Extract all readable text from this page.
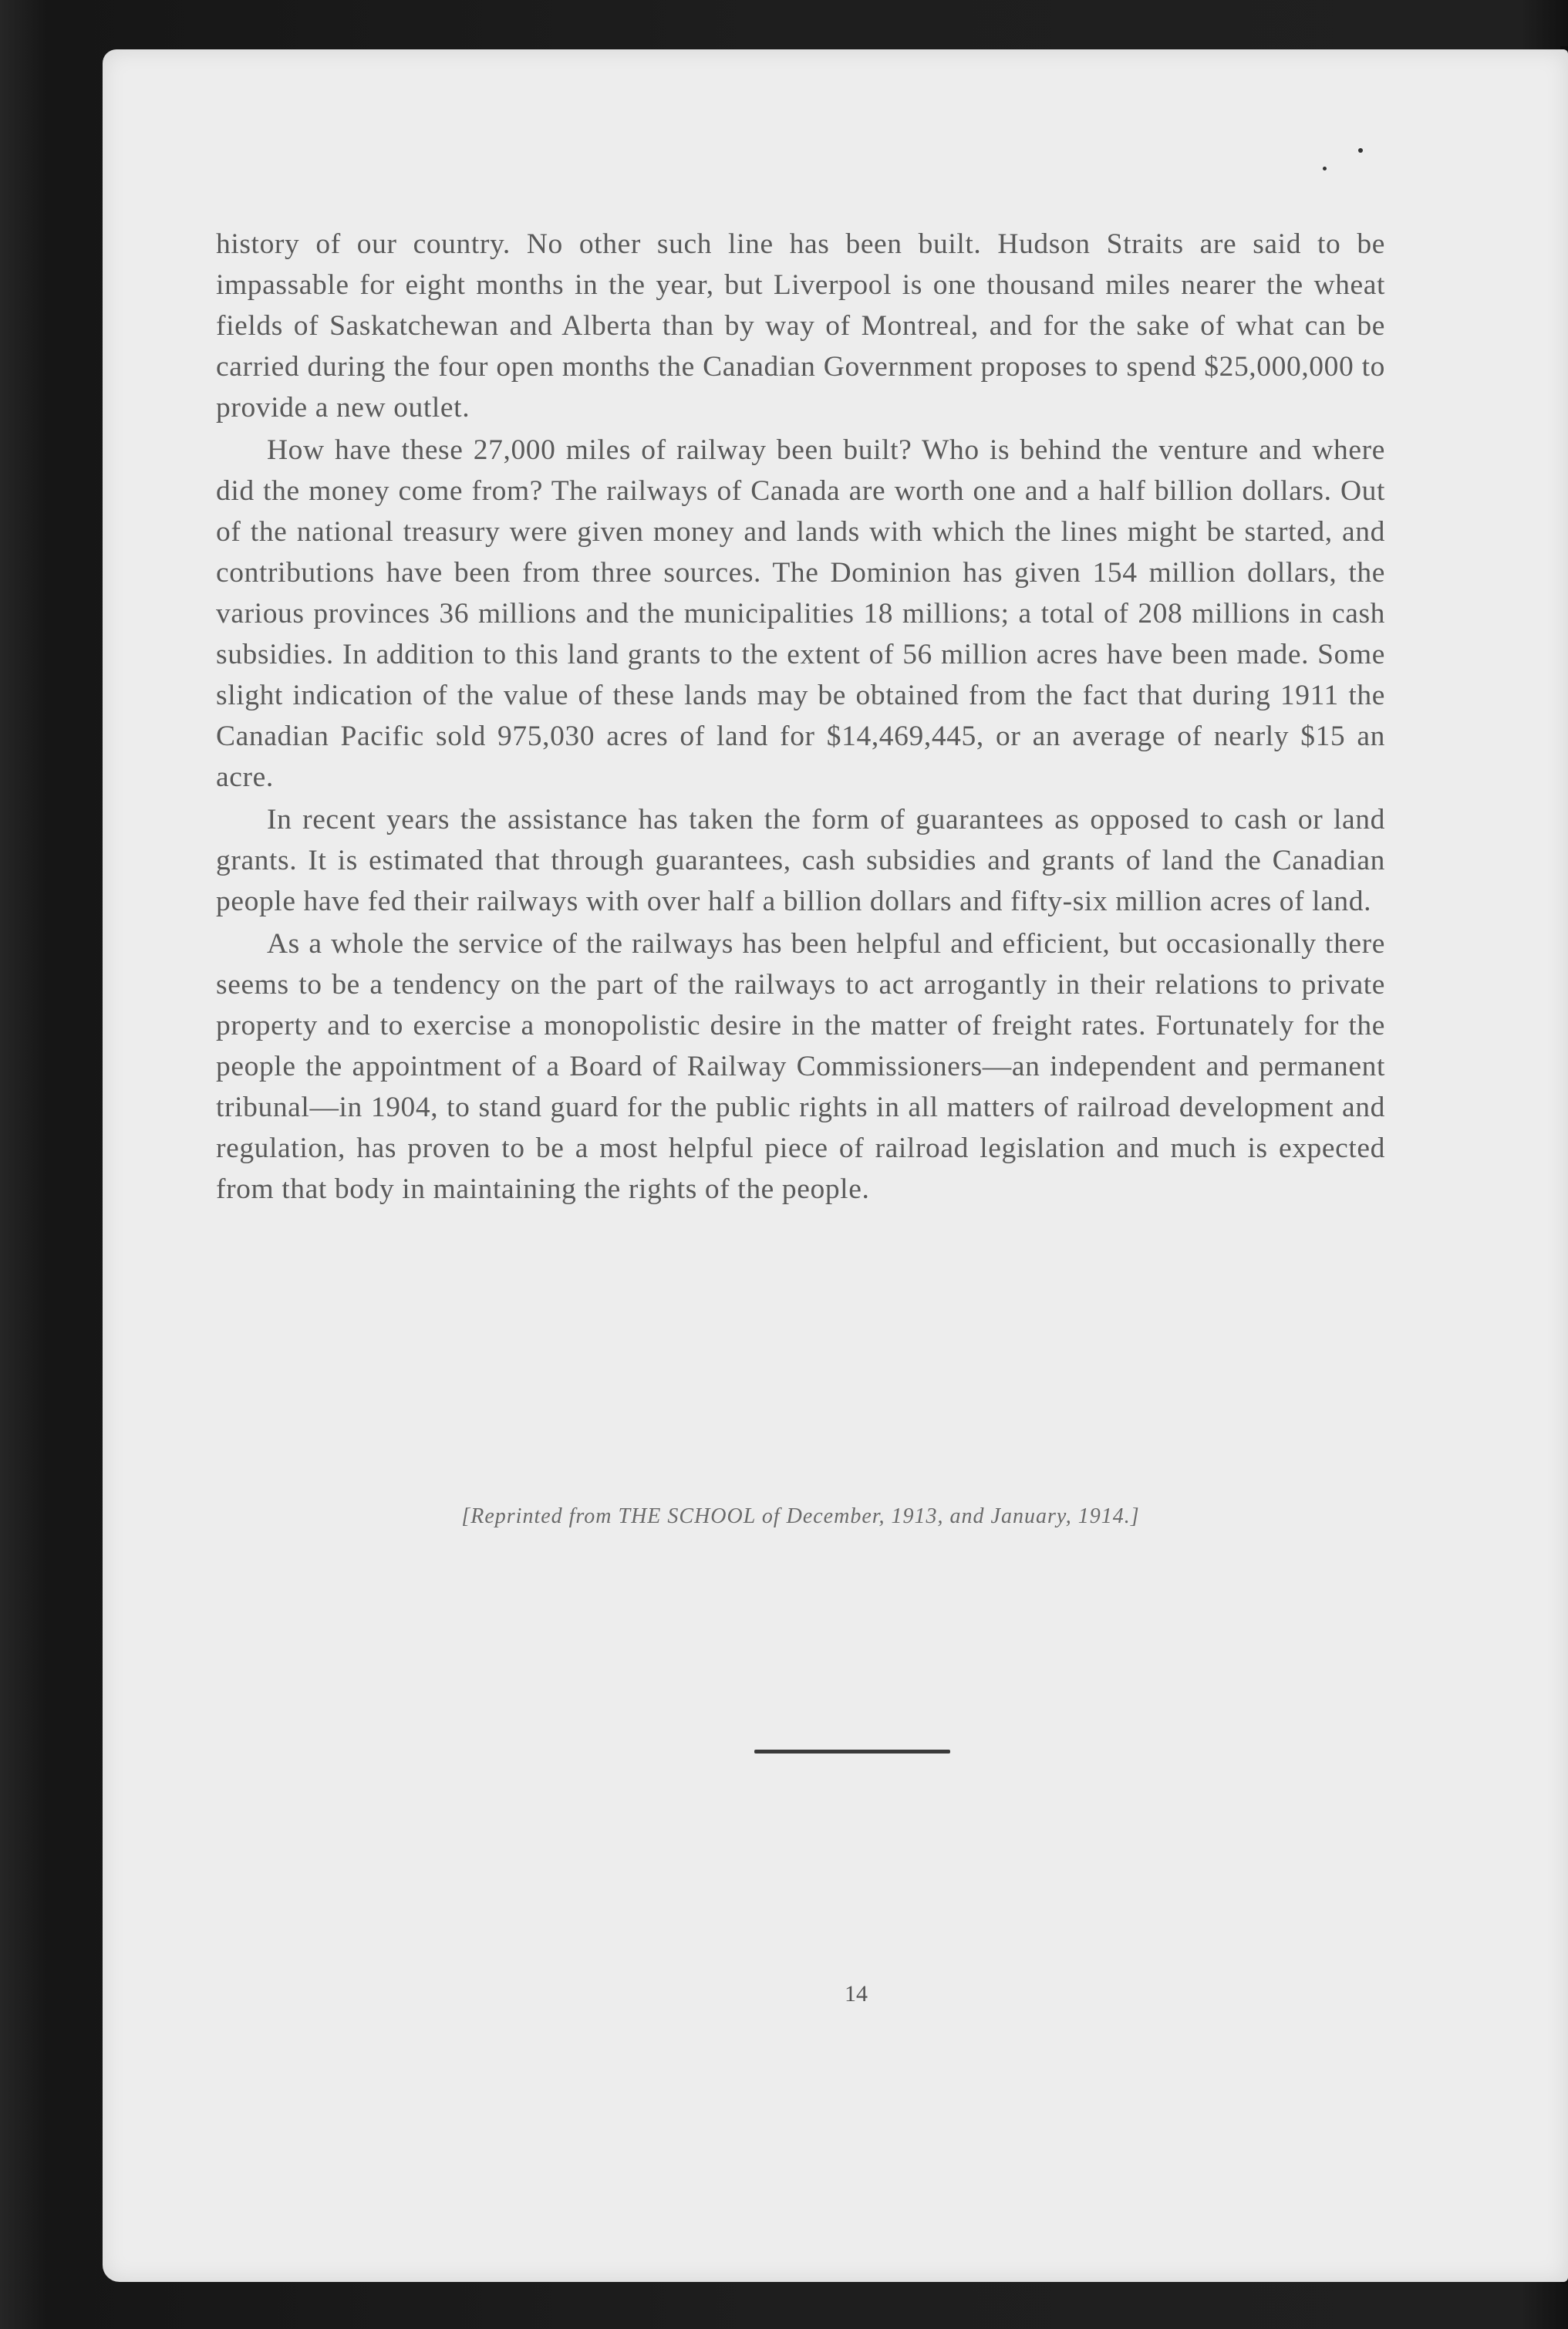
history of our country. No other such line has been built. Hudson Straits are said to be impassable for eight months in the year, but Liverpool is one thousand miles nearer the wheat fields of Saskatchewan and Alberta than by way of Montreal, and for the sake of what can be carried during the four open months the Canadian Government proposes to spend $25,000,000 to provide a new outlet.

How have these 27,000 miles of railway been built? Who is behind the venture and where did the money come from? The railways of Canada are worth one and a half billion dollars. Out of the national treasury were given money and lands with which the lines might be started, and contributions have been from three sources. The Dominion has given 154 million dollars, the various provinces 36 millions and the municipalities 18 millions; a total of 208 millions in cash subsidies. In addition to this land grants to the extent of 56 million acres have been made. Some slight indication of the value of these lands may be obtained from the fact that during 1911 the Canadian Pacific sold 975,030 acres of land for $14,469,445, or an average of nearly $15 an acre.

In recent years the assistance has taken the form of guarantees as opposed to cash or land grants. It is estimated that through guarantees, cash subsidies and grants of land the Canadian people have fed their railways with over half a billion dollars and fifty-six million acres of land.

As a whole the service of the railways has been helpful and efficient, but occasionally there seems to be a tendency on the part of the railways to act arrogantly in their relations to private property and to exercise a monopolistic desire in the matter of freight rates. Fortunately for the people the appointment of a Board of Railway Commissioners—an independent and permanent tribunal—in 1904, to stand guard for the public rights in all matters of railroad development and regulation, has proven to be a most helpful piece of railroad legislation and much is expected from that body in maintaining the rights of the people.

[Reprinted from THE SCHOOL of December, 1913, and January, 1914.]
14
